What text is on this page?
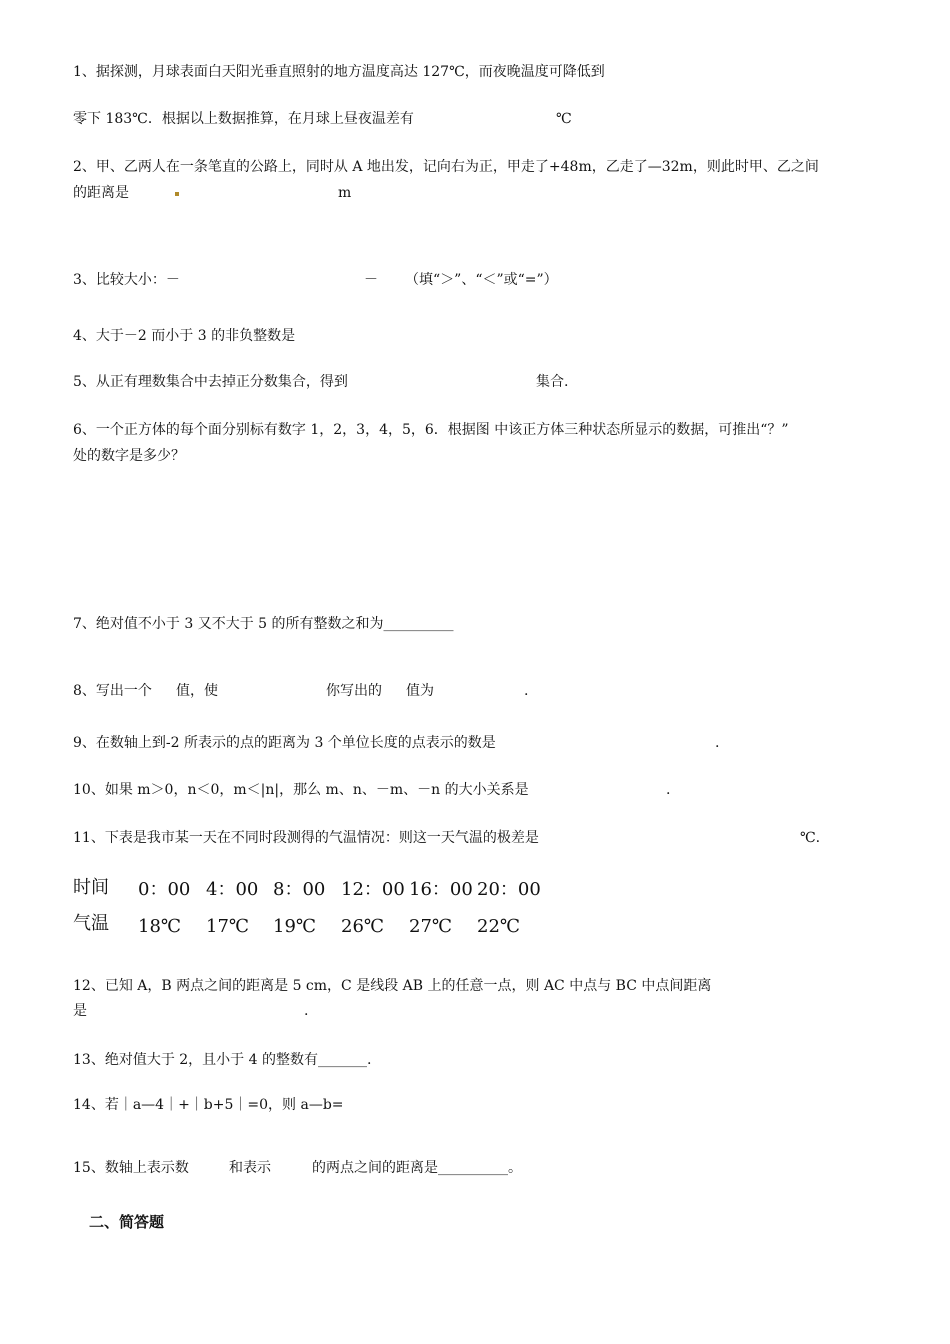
1、据探测，月球表面白天阳光垂直照射的地方温度高达 127℃，而夜晚温度可降低到
零下 183℃．根据以上数据推算，在月球上昼夜温差有	℃
2、甲、乙两人在一条笔直的公路上，同时从 A 地出发，记向右为正，甲走了+48m，乙走了—32m，则此时甲、乙之间
的距离是	m
3、比较大小：－	－ （填“＞”、“＜”或“=”）
4、大于－2 而小于 3 的非负整数是
5、从正有理数集合中去掉正分数集合，得到	集合.
6、一个正方体的每个面分别标有数字 1，2，3，4，5，6．根据图 中该正方体三种状态所显示的数据，可推出“？”
处的数字是多少？
7、绝对值不小于 3 又不大于 5 的所有整数之和为__________
8、写出一个 值，使	你写出的 值为	.
9、在数轴上到-2 所表示的点的距离为 3 个单位长度的点表示的数是	.
10、如果 m＞0，n＜0，m＜|n|，那么 m、n、－m、－n 的大小关系是	.
11、下表是我市某一天在不同时段测得的气温情况：则这一天气温的极差是	℃.
时间 0：00 4：00 8：00 12：00 16：00 20：00
气温 18℃ 17℃ 19℃ 26℃ 27℃ 22℃
12、已知 A，B 两点之间的距离是 5 cm，C 是线段 AB 上的任意一点，则 AC 中点与 BC 中点间距离
是	.
13、绝对值大于 2，且小于 4 的整数有_______.
14、若｜a—4｜+｜b+5｜=0，则 a—b=
15、数轴上表示数	和表示	的两点之间的距离是__________。
二、简答题
